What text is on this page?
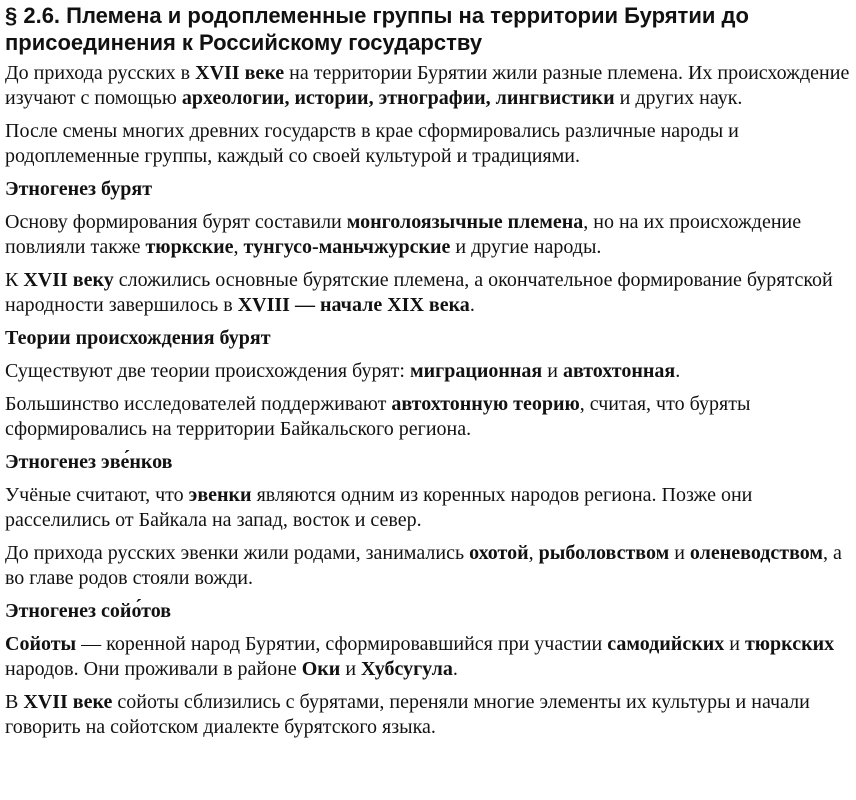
§ 2.6. Племена и родоплеменные группы на территории Бурятии до присоединения к Российскому государству

До прихода русских в XVII веке на территории Бурятии жили разные племена. Их происхождение изучают с помощью археологии, истории, этнографии, лингвистики и других наук.

После смены многих древних государств в крае сформировались различные народы и родоплеменные группы, каждый со своей культурой и традициями.

Этногенез бурят

Основу формирования бурят составили монголоязычные племена, но на их происхождение повлияли также тюркские, тунгусо-маньчжурские и другие народы.

К XVII веку сложились основные бурятские племена, а окончательное формирование бурятской народности завершилось в XVIII — начале XIX века.

Теории происхождения бурят

Существуют две теории происхождения бурят: миграционная и автохтонная.

Большинство исследователей поддерживают автохтонную теорию, считая, что буряты сформировались на территории Байкальского региона.

Этногенез эве́нков

Учёные считают, что эвенки являются одним из коренных народов региона. Позже они расселились от Байкала на запад, восток и север.

До прихода русских эвенки жили родами, занимались охотой, рыболовством и оленеводством, а во главе родов стояли вожди.

Этногенез сойо́тов

Сойоты — коренной народ Бурятии, сформировавшийся при участии самодийских и тюркских народов. Они проживали в районе Оки и Хубсугула.

В XVII веке сойоты сблизились с бурятами, переняли многие элементы их культуры и начали говорить на сойотском диалекте бурятского языка.
